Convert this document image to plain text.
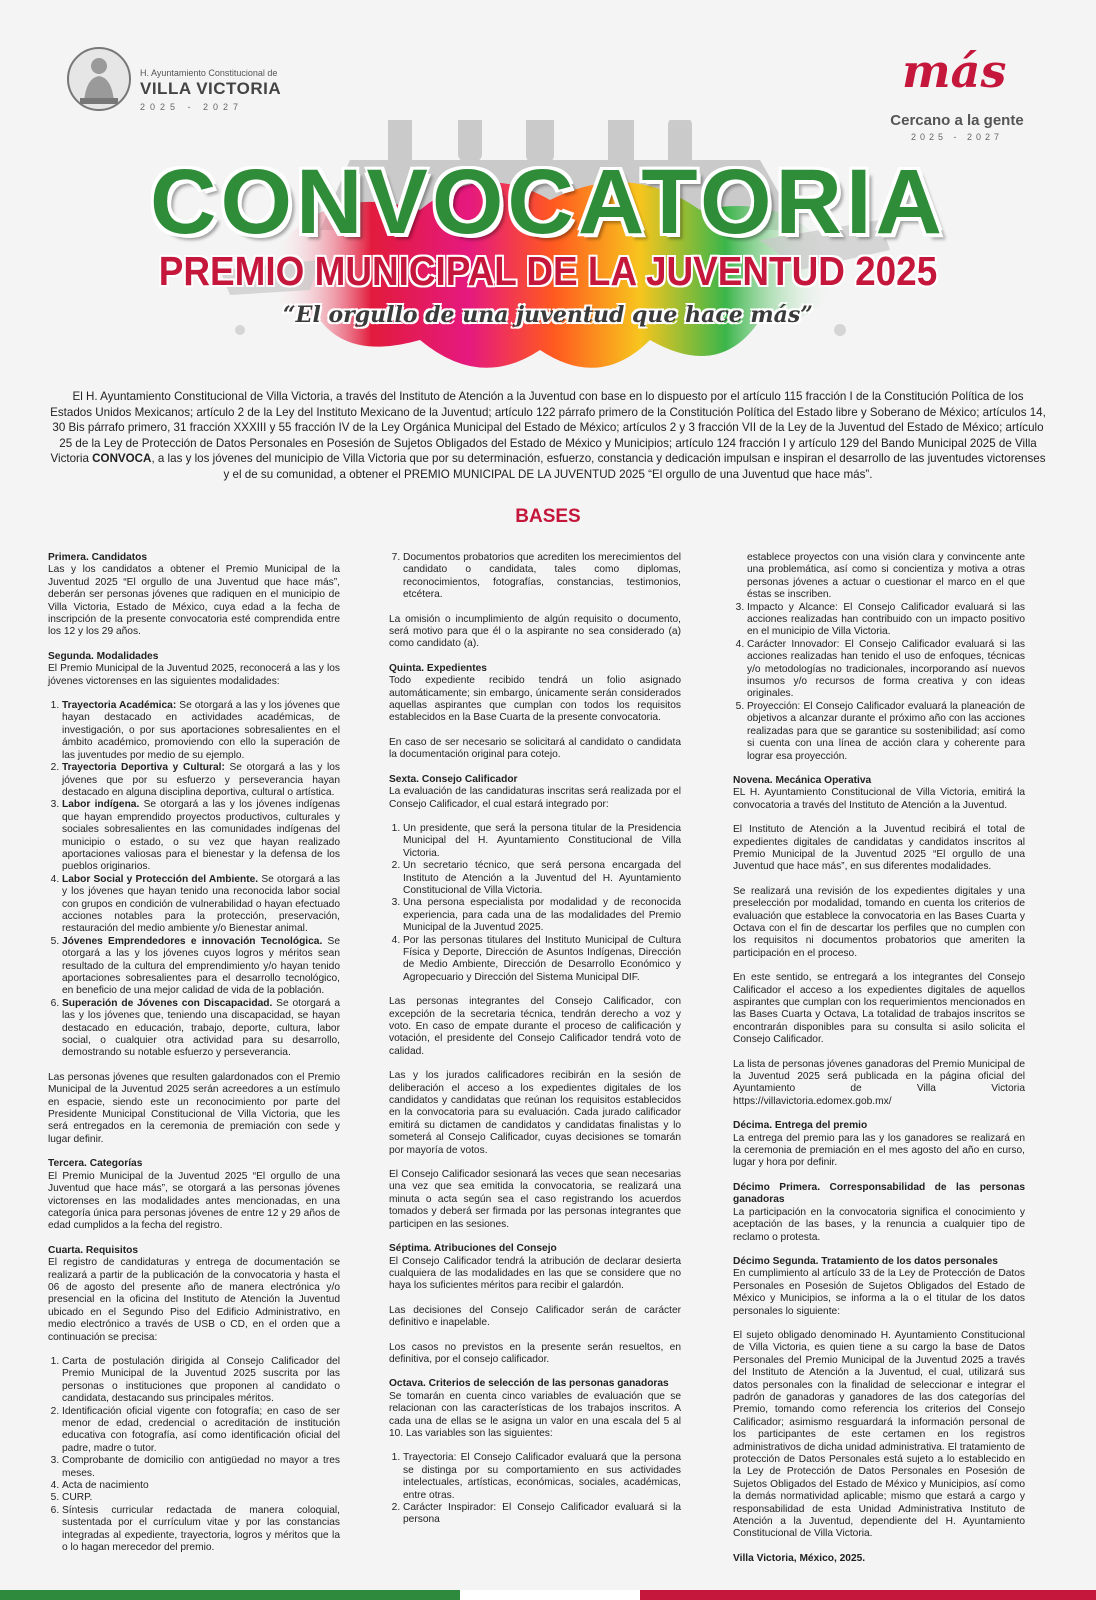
H. Ayuntamiento Constitucional de
VILLA VICTORIA
2025 - 2027
más
Cercano a la gente
2025 - 2027
CONVOCATORIA
PREMIO MUNICIPAL DE LA JUVENTUD 2025
“El orgullo de una juventud que hace más”
El H. Ayuntamiento Constitucional de Villa Victoria, a través del Instituto de Atención a la Juventud con base en lo dispuesto por el artículo 115 fracción I de la Constitución Política de los Estados Unidos Mexicanos; artículo 2 de la Ley del Instituto Mexicano de la Juventud; artículo 122 párrafo primero de la Constitución Política del Estado libre y Soberano de México; artículos 14, 30 Bis párrafo primero, 31 fracción XXXIII y 55 fracción IV de la Ley Orgánica Municipal del Estado de México; artículos 2 y 3 fracción VII de la Ley de la Juventud del Estado de México; artículo 25 de la Ley de Protección de Datos Personales en Posesión de Sujetos Obligados del Estado de México y Municipios; artículo 124 fracción I y artículo 129 del Bando Municipal 2025 de Villa Victoria CONVOCA, a las y los jóvenes del municipio de Villa Victoria que por su determinación, esfuerzo, constancia y dedicación impulsan e inspiran el desarrollo de las juventudes victorenses y el de su comunidad, a obtener el PREMIO MUNICIPAL DE LA JUVENTUD 2025 “El orgullo de una Juventud que hace más”.
BASES
Primera. Candidatos

Las y los candidatos a obtener el Premio Municipal de la Juventud 2025 “El orgullo de una Juventud que hace más”, deberán ser personas jóvenes que radiquen en el municipio de Villa Victoria, Estado de México, cuya edad a la fecha de inscripción de la presente convocatoria esté comprendida entre los 12 y los 29 años.

Segunda. Modalidades

El Premio Municipal de la Juventud 2025, reconocerá a las y los jóvenes victorenses en las siguientes modalidades:

1. Trayectoria Académica: Se otorgará a las y los jóvenes que hayan destacado en actividades académicas, de investigación, o por sus aportaciones sobresalientes en el ámbito académico, promoviendo con ello la superación de las juventudes por medio de su ejemplo.
2. Trayectoria Deportiva y Cultural: Se otorgará a las y los jóvenes que por su esfuerzo y perseverancia hayan destacado en alguna disciplina deportiva, cultural o artística.
3. Labor indígena. Se otorgará a las y los jóvenes indígenas que hayan emprendido proyectos productivos, culturales y sociales sobresalientes en las comunidades indígenas del municipio o estado, o su vez que hayan realizado aportaciones valiosas para el bienestar y la defensa de los pueblos originarios.
4. Labor Social y Protección del Ambiente. Se otorgará a las y los jóvenes que hayan tenido una reconocida labor social con grupos en condición de vulnerabilidad o hayan efectuado acciones notables para la protección, preservación, restauración del medio ambiente y/o Bienestar animal.
5. Jóvenes Emprendedores e innovación Tecnológica. Se otorgará a las y los jóvenes cuyos logros y méritos sean resultado de la cultura del emprendimiento y/o hayan tenido aportaciones sobresalientes para el desarrollo tecnológico, en beneficio de una mejor calidad de vida de la población.
6. Superación de Jóvenes con Discapacidad. Se otorgará a las y los jóvenes que, teniendo una discapacidad, se hayan destacado en educación, trabajo, deporte, cultura, labor social, o cualquier otra actividad para su desarrollo, demostrando su notable esfuerzo y perseverancia.

Las personas jóvenes que resulten galardonados con el Premio Municipal de la Juventud 2025 serán acreedores a un estímulo en espacie, siendo este un reconocimiento por parte del Presidente Municipal Constitucional de Villa Victoria, que les será entregados en la ceremonia de premiación con sede y lugar definir.

Tercera. Categorías

El Premio Municipal de la Juventud 2025 “El orgullo de una Juventud que hace más”, se otorgará a las personas jóvenes victorenses en las modalidades antes mencionadas, en una categoría única para personas jóvenes de entre 12 y 29 años de edad cumplidos a la fecha del registro.

Cuarta. Requisitos

El registro de candidaturas y entrega de documentación se realizará a partir de la publicación de la convocatoria y hasta el 06 de agosto del presente año de manera electrónica y/o presencial en la oficina del Instituto de Atención la Juventud ubicado en el Segundo Piso del Edificio Administrativo, en medio electrónico a través de USB o CD, en el orden que a continuación se precisa:

1. Carta de postulación dirigida al Consejo Calificador del Premio Municipal de la Juventud 2025 suscrita por las personas o instituciones que proponen al candidato o candidata, destacando sus principales méritos.
2. Identificación oficial vigente con fotografía; en caso de ser menor de edad, credencial o acreditación de institución educativa con fotografía, así como identificación oficial del padre, madre o tutor.
3. Comprobante de domicilio con antigüedad no mayor a tres meses.
4. Acta de nacimiento
5. CURP.
6. Síntesis curricular redactada de manera coloquial, sustentada por el currículum vitae y por las constancias integradas al expediente, trayectoria, logros y méritos que la o lo hagan merecedor del premio.
7. Documentos probatorios que acrediten los merecimientos del candidato o candidata, tales como diplomas, reconocimientos, fotografías, constancias, testimonios, etcétera.

La omisión o incumplimiento de algún requisito o documento, será motivo para que él o la aspirante no sea considerado (a) como candidato (a).

Quinta. Expedientes

Todo expediente recibido tendrá un folio asignado automáticamente; sin embargo, únicamente serán considerados aquellas aspirantes que cumplan con todos los requisitos establecidos en la Base Cuarta de la presente convocatoria.

En caso de ser necesario se solicitará al candidato o candidata la documentación original para cotejo.

Sexta. Consejo Calificador

La evaluación de las candidaturas inscritas será realizada por el Consejo Calificador, el cual estará integrado por:

1. Un presidente, que será la persona titular de la Presidencia Municipal del H. Ayuntamiento Constitucional de Villa Victoria.
2. Un secretario técnico, que será persona encargada del Instituto de Atención a la Juventud del H. Ayuntamiento Constitucional de Villa Victoria.
3. Una persona especialista por modalidad y de reconocida experiencia, para cada una de las modalidades del Premio Municipal de la Juventud 2025.
4. Por las personas titulares del Instituto Municipal de Cultura Física y Deporte, Dirección de Asuntos Indígenas, Dirección de Medio Ambiente, Dirección de Desarrollo Económico y Agropecuario y Dirección del Sistema Municipal DIF.

Las personas integrantes del Consejo Calificador, con excepción de la secretaria técnica, tendrán derecho a voz y voto. En caso de empate durante el proceso de calificación y votación, el presidente del Consejo Calificador tendrá voto de calidad.

Las y los jurados calificadores recibirán en la sesión de deliberación el acceso a los expedientes digitales de los candidatos y candidatas que reúnan los requisitos establecidos en la convocatoria para su evaluación. Cada jurado calificador emitirá su dictamen de candidatos y candidatas finalistas y lo someterá al Consejo Calificador, cuyas decisiones se tomarán por mayoría de votos.

El Consejo Calificador sesionará las veces que sean necesarias una vez que sea emitida la convocatoria, se realizará una minuta o acta según sea el caso registrando los acuerdos tomados y deberá ser firmada por las personas integrantes que participen en las sesiones.

Séptima. Atribuciones del Consejo

El Consejo Calificador tendrá la atribución de declarar desierta cualquiera de las modalidades en las que se considere que no haya los suficientes méritos para recibir el galardón.

Las decisiones del Consejo Calificador serán de carácter definitivo e inapelable.

Los casos no previstos en la presente serán resueltos, en definitiva, por el consejo calificador.

Octava. Criterios de selección de las personas ganadoras

Se tomarán en cuenta cinco variables de evaluación que se relacionan con las características de los trabajos inscritos. A cada una de ellas se le asigna un valor en una escala del 5 al 10. Las variables son las siguientes:

1. Trayectoria: El Consejo Calificador evaluará que la persona se distinga por su comportamiento en sus actividades intelectuales, artísticas, económicas, sociales, académicas, entre otras.
2. Carácter Inspirador: El Consejo Calificador evaluará si la persona

establece proyectos con una visión clara y convincente ante una problemática, así como si concientiza y motiva a otras personas jóvenes a actuar o cuestionar el marco en el que éstas se inscriben.

3. Impacto y Alcance: El Consejo Calificador evaluará si las acciones realizadas han contribuido con un impacto positivo en el municipio de Villa Victoria.
4. Carácter Innovador: El Consejo Calificador evaluará si las acciones realizadas han tenido el uso de enfoques, técnicas y/o metodologías no tradicionales, incorporando así nuevos insumos y/o recursos de forma creativa y con ideas originales.
5. Proyección: El Consejo Calificador evaluará la planeación de objetivos a alcanzar durante el próximo año con las acciones realizadas para que se garantice su sostenibilidad; así como si cuenta con una línea de acción clara y coherente para lograr esa proyección.
Novena. Mecánica Operativa

EL H. Ayuntamiento Constitucional de Villa Victoria, emitirá la convocatoria a través del Instituto de Atención a la Juventud.

El Instituto de Atención a la Juventud recibirá el total de expedientes digitales de candidatas y candidatos inscritos al Premio Municipal de la Juventud 2025 “El orgullo de una Juventud que hace más”, en sus diferentes modalidades.

Se realizará una revisión de los expedientes digitales y una preselección por modalidad, tomando en cuenta los criterios de evaluación que establece la convocatoria en las Bases Cuarta y Octava con el fin de descartar los perfiles que no cumplen con los requisitos ni documentos probatorios que ameriten la participación en el proceso.

En este sentido, se entregará a los integrantes del Consejo Calificador el acceso a los expedientes digitales de aquellos aspirantes que cumplan con los requerimientos mencionados en las Bases Cuarta y Octava, La totalidad de trabajos inscritos se encontrarán disponibles para su consulta si asilo solicita el Consejo Calificador.

La lista de personas jóvenes ganadoras del Premio Municipal de la Juventud 2025 será publicada en la página oficial del Ayuntamiento de Villa Victoria https://villavictoria.edomex.gob.mx/

Décima. Entrega del premio

La entrega del premio para las y los ganadores se realizará en la ceremonia de premiación en el mes agosto del año en curso, lugar y hora por definir.

Décimo Primera. Corresponsabilidad de las personas ganadoras

La participación en la convocatoria significa el conocimiento y aceptación de las bases, y la renuncia a cualquier tipo de reclamo o protesta.

Décimo Segunda. Tratamiento de los datos personales

En cumplimiento al artículo 33 de la Ley de Protección de Datos Personales en Posesión de Sujetos Obligados del Estado de México y Municipios, se informa a la o el titular de los datos personales lo siguiente:

El sujeto obligado denominado H. Ayuntamiento Constitucional de Villa Victoria, es quien tiene a su cargo la base de Datos Personales del Premio Municipal de la Juventud 2025 a través del Instituto de Atención a la Juventud, el cual, utilizará sus datos personales con la finalidad de seleccionar e integrar el padrón de ganadoras y ganadores de las dos categorías del Premio, tomando como referencia los criterios del Consejo Calificador; asimismo resguardará la información personal de los participantes de este certamen en los registros administrativos de dicha unidad administrativa. El tratamiento de protección de Datos Personales está sujeto a lo establecido en la Ley de Protección de Datos Personales en Posesión de Sujetos Obligados del Estado de México y Municipios, así como la demás normatividad aplicable; mismo que estará a cargo y responsabilidad de esta Unidad Administrativa Instituto de Atención a la Juventud, dependiente del H. Ayuntamiento Constitucional de Villa Victoria.

Villa Victoria, México, 2025.
